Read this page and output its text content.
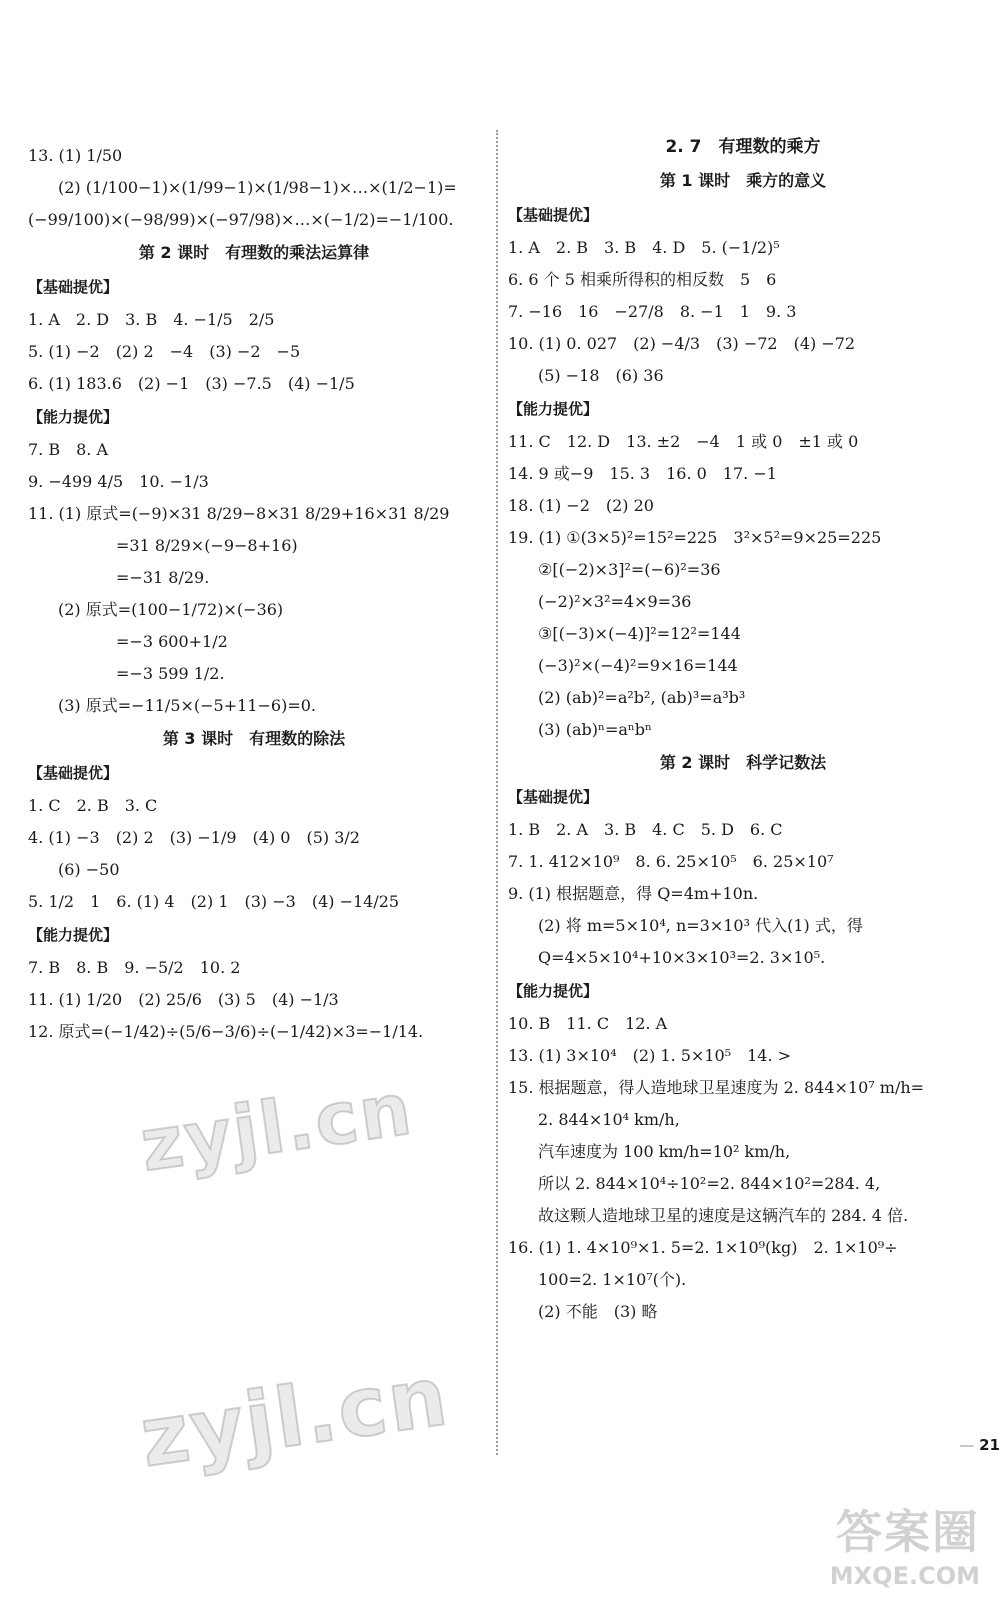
13. (1) 1/50
(2) (1/100−1)×(1/99−1)×(1/98−1)×…×(1/2−1)=
(−99/100)×(−98/99)×(−97/98)×…×(−1/2)=−1/100.
第 2 课时　有理数的乘法运算律
【基础提优】
1. A　2. D　3. B　4. −1/5　2/5
5. (1) −2　(2) 2　−4　(3) −2　−5
6. (1) 183.6　(2) −1　(3) −7.5　(4) −1/5
【能力提优】
7. B　8. A
9. −499 4/5　10. −1/3
11. (1) 原式=(−9)×31 8/29−8×31 8/29+16×31 8/29
=31 8/29×(−9−8+16)
=−31 8/29.
(2) 原式=(100−1/72)×(−36)
=−3 600+1/2
=−3 599 1/2.
(3) 原式=−11/5×(−5+11−6)=0.
第 3 课时　有理数的除法
【基础提优】
1. C　2. B　3. C
4. (1) −3　(2) 2　(3) −1/9　(4) 0　(5) 3/2
(6) −50
5. 1/2　1　6. (1) 4　(2) 1　(3) −3　(4) −14/25
【能力提优】
7. B　8. B　9. −5/2　10. 2
11. (1) 1/20　(2) 25/6　(3) 5　(4) −1/3
12. 原式=(−1/42)÷(5/6−3/6)÷(−1/42)×3=−1/14.
2. 7　有理数的乘方
第 1 课时　乘方的意义
【基础提优】
1. A　2. B　3. B　4. D　5. (−1/2)⁵
6. 6 个 5 相乘所得积的相反数　5　6
7. −16　16　−27/8　8. −1　1　9. 3
10. (1) 0. 027　(2) −4/3　(3) −72　(4) −72
(5) −18　(6) 36
【能力提优】
11. C　12. D　13. ±2　−4　1 或 0　±1 或 0
14. 9 或−9　15. 3　16. 0　17. −1
18. (1) −2　(2) 20
19. (1) ①(3×5)²=15²=225　3²×5²=9×25=225
②[(−2)×3]²=(−6)²=36
(−2)²×3²=4×9=36
③[(−3)×(−4)]²=12²=144
(−3)²×(−4)²=9×16=144
(2) (ab)²=a²b², (ab)³=a³b³
(3) (ab)ⁿ=aⁿbⁿ
第 2 课时　科学记数法
【基础提优】
1. B　2. A　3. B　4. C　5. D　6. C
7. 1. 412×10⁹　8. 6. 25×10⁵　6. 25×10⁷
9. (1) 根据题意，得 Q=4m+10n.
(2) 将 m=5×10⁴, n=3×10³ 代入(1) 式，得
Q=4×5×10⁴+10×3×10³=2. 3×10⁵.
【能力提优】
10. B　11. C　12. A
13. (1) 3×10⁴　(2) 1. 5×10⁵　14. >
15. 根据题意，得人造地球卫星速度为 2. 844×10⁷ m/h=
2. 844×10⁴ km/h,
汽车速度为 100 km/h=10² km/h,
所以 2. 844×10⁴÷10²=2. 844×10²=284. 4,
故这颗人造地球卫星的速度是这辆汽车的 284. 4 倍.
16. (1) 1. 4×10⁹×1. 5=2. 1×10⁹(kg)　2. 1×10⁹÷
100=2. 1×10⁷(个).
(2) 不能　(3) 略
— 21
zyjl.cn
zyjl.cn
答案圈
MXQE.COM
